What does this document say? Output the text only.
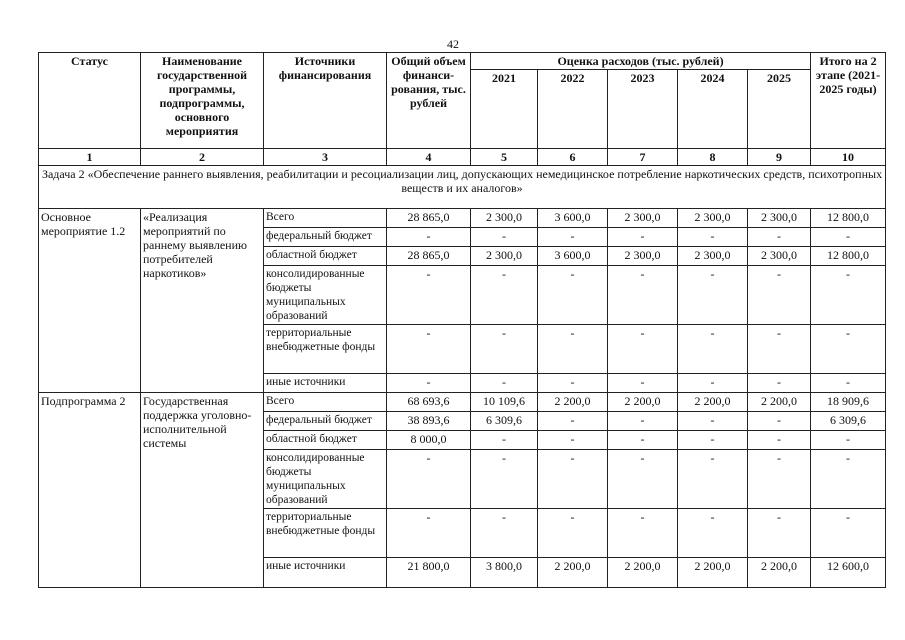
42
Статус	Наименование государственной программы, подпрограммы, основного мероприятия	Источники финансирования	Общий объем финанси-рования, тыс. рублей	Оценка расходов (тыс. рублей)					Итого на 2 этапе (2021-2025 годы)
				2021	2022	2023	2024	2025	
1	2	3	4	5	6	7	8	9	10
Задача 2 «Обеспечение раннего выявления, реабилитации и ресоциализации лиц, допускающих немедицинское потребление наркотических средств, психотропных веществ и их аналогов»									
Основное мероприятие 1.2	«Реализация мероприятий по раннему выявлению потребителей наркотиков»	Всего	28 865,0	2 300,0	3 600,0	2 300,0	2 300,0	2 300,0	12 800,0
		федеральный бюджет	-	-	-	-	-	-	-
		областной бюджет	28 865,0	2 300,0	3 600,0	2 300,0	2 300,0	2 300,0	12 800,0
		консолидированные бюджеты муниципальных образований	-	-	-	-	-	-	-
		территориальные внебюджетные фонды	-	-	-	-	-	-	-
		иные источники	-	-	-	-	-	-	-
Подпрограмма 2	Государственная поддержка уголовно-исполнительной системы	Всего	68 693,6	10 109,6	2 200,0	2 200,0	2 200,0	2 200,0	18 909,6
		федеральный бюджет	38 893,6	6 309,6	-	-	-	-	6 309,6
		областной бюджет	8 000,0	-	-	-	-	-	-
		консолидированные бюджеты муниципальных образований	-	-	-	-	-	-	-
		территориальные внебюджетные фонды	-	-	-	-	-	-	-
		иные источники	21 800,0	3 800,0	2 200,0	2 200,0	2 200,0	2 200,0	12 600,0
